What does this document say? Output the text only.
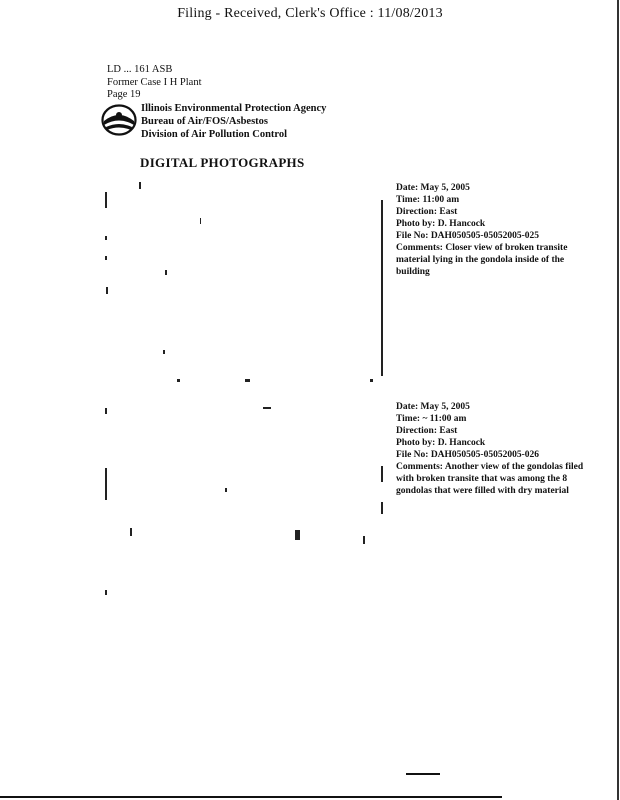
Filing - Received, Clerk's Office : 11/08/2013
LD ... 161 ASB
Former Case I H Plant
Page 19
Illinois Environmental Protection Agency
Bureau of Air/FOS/Asbestos
Division of Air Pollution Control
DIGITAL PHOTOGRAPHS
Date: May 5, 2005
Time: 11:00 am
Direction: East
Photo by: D. Hancock
File No: DAH050505-05052005-025
Comments: Closer view of broken transite material lying in the gondola inside of the building
Date: May 5, 2005
Time: ~ 11:00 am
Direction: East
Photo by: D. Hancock
File No: DAH050505-05052005-026
Comments: Another view of the gondolas filed with broken transite that was among the 8 gondolas that were filled with dry material
